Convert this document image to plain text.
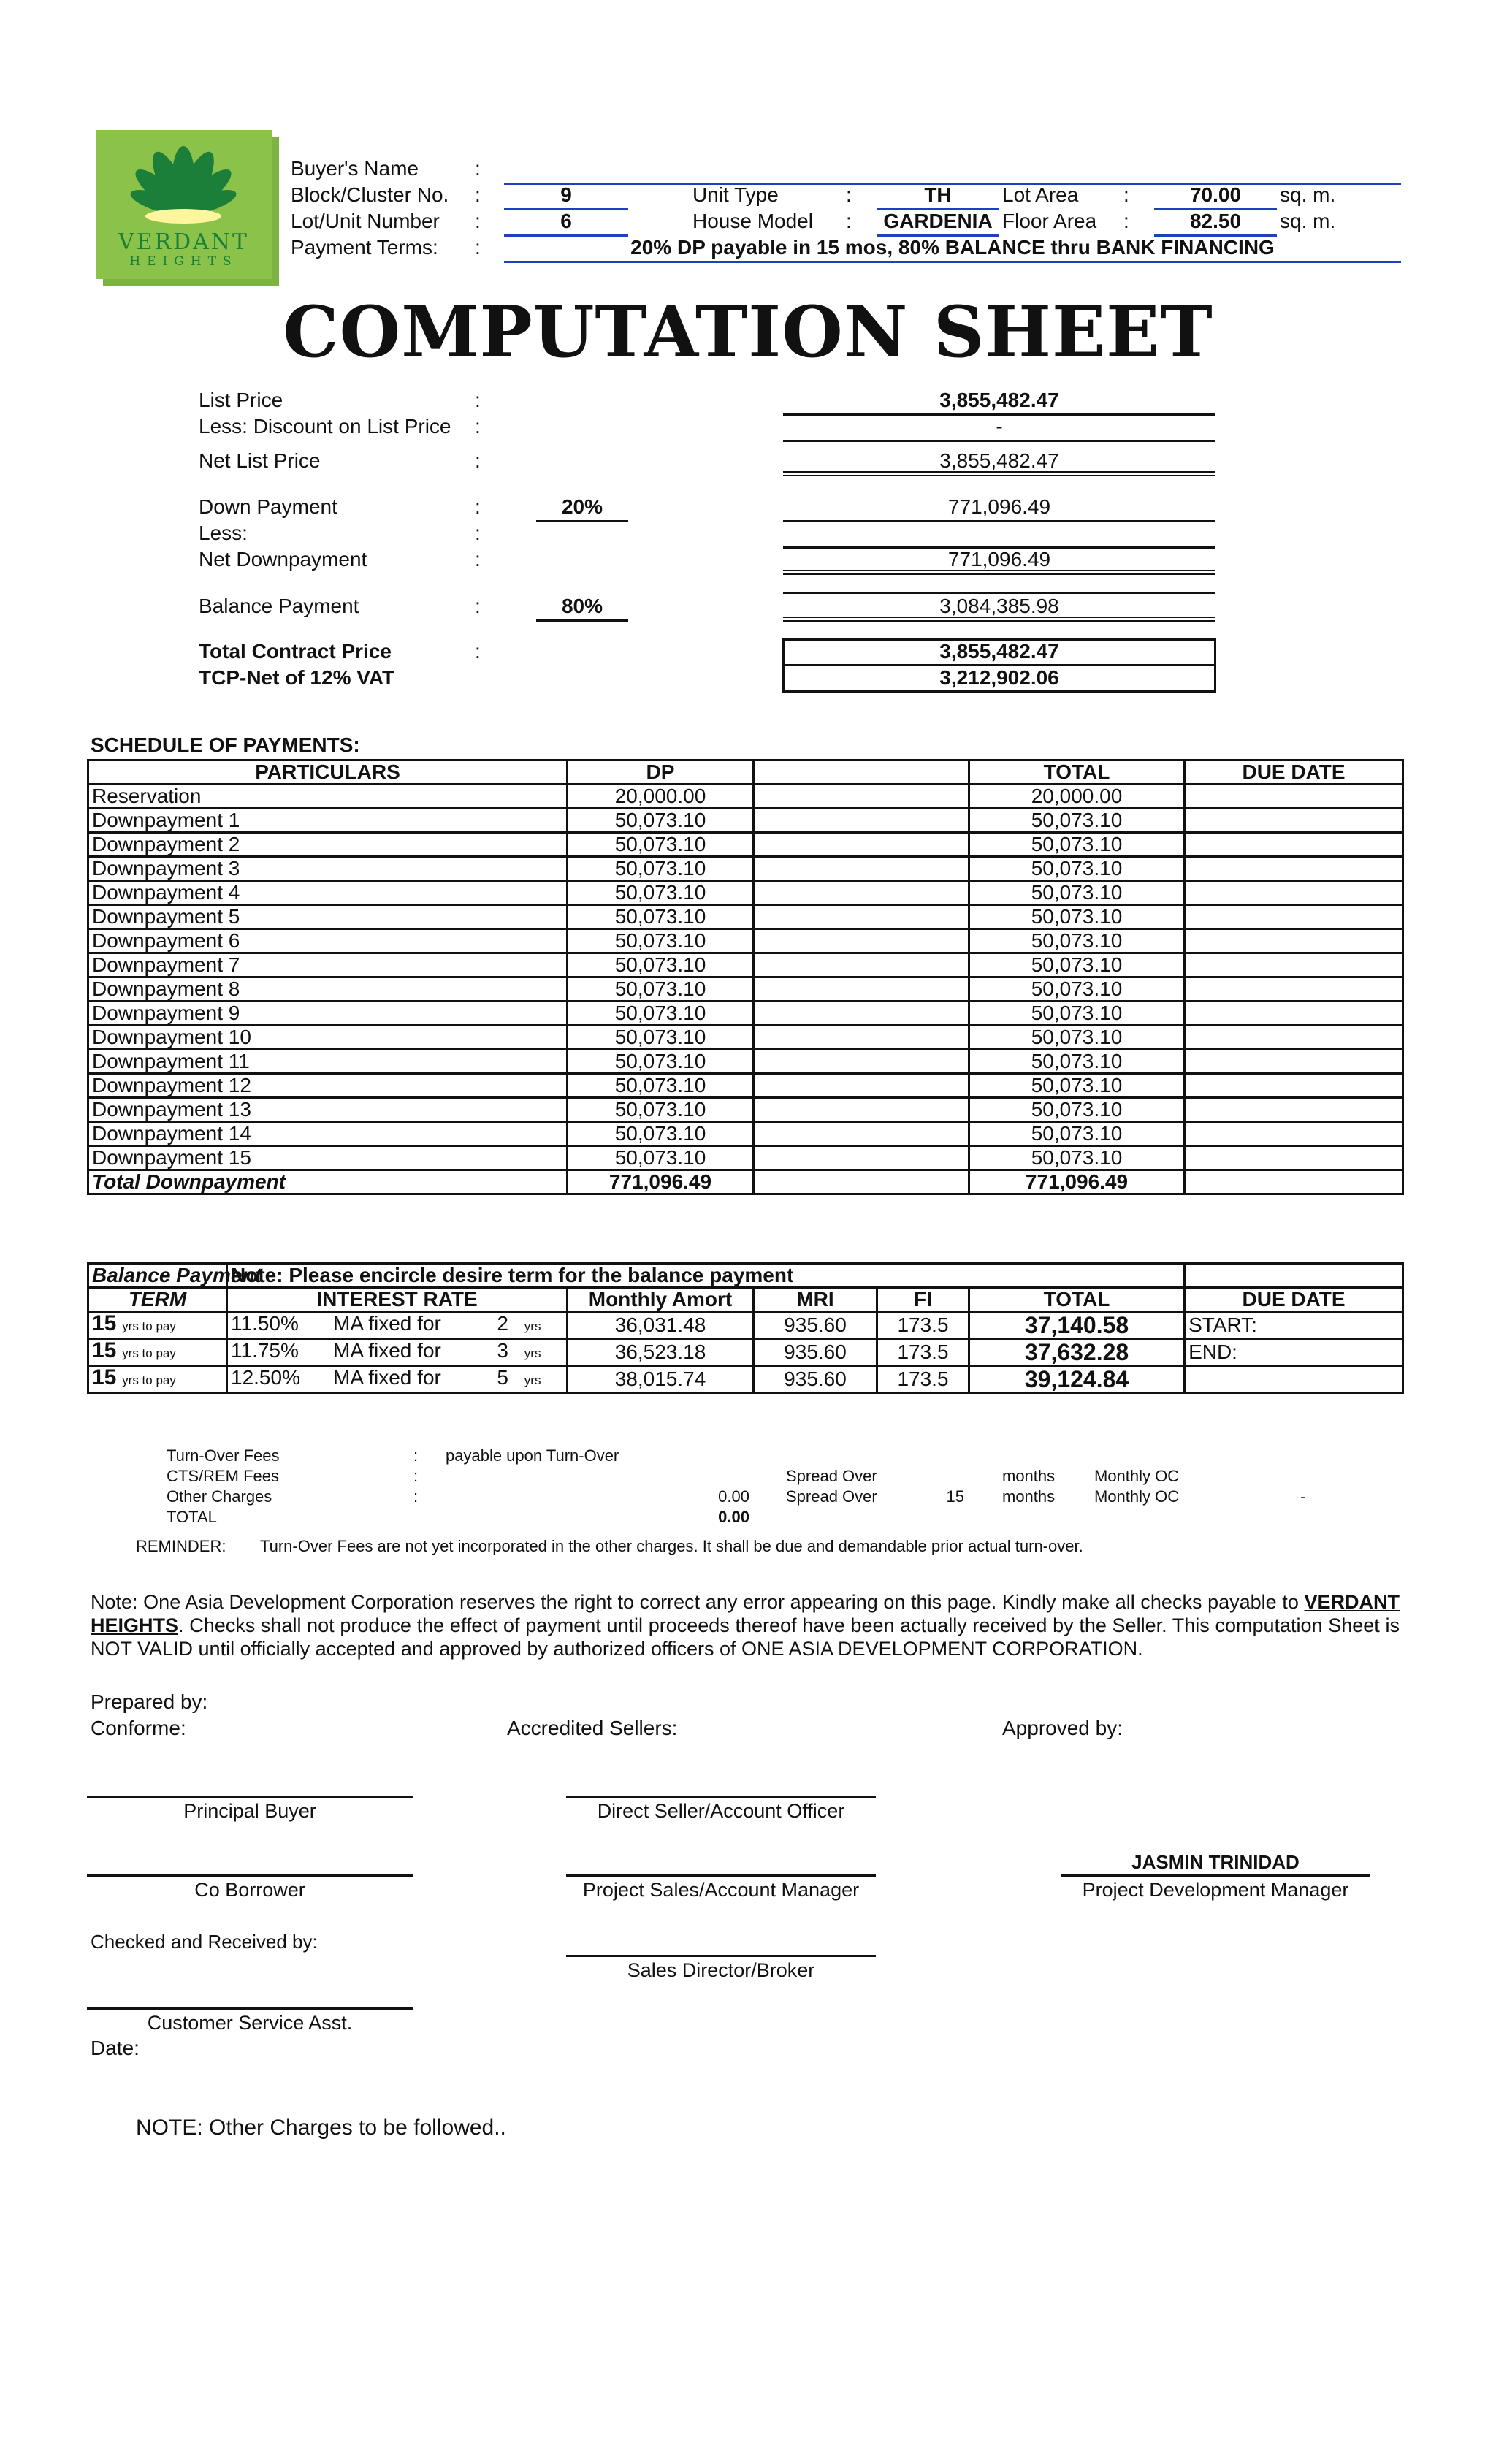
VERDANT
HEIGHTS
Buyer's Name	:
Block/Cluster No. :	9	Unit Type	:	TH	Lot Area :	70.00	sq. m.
Lot/Unit Number :	6	House Model :	GARDENIA Floor Area :	82.50	sq. m.
Payment Terms: :	20% DP payable in 15 mos, 80% BALANCE thru BANK FINANCING
COMPUTATION SHEET
List Price	:	3,855,482.47
Less: Discount on List Price :	-
Net List Price	:	3,855,482.47
Down Payment	:	20%	771,096.49
Less:	:
Net Downpayment	:	771,096.49
Balance Payment	:	80%	3,084,385.98
Total Contract Price	:	3,855,482.47
TCP-Net of 12% VAT	3,212,902.06
SCHEDULE OF PAYMENTS:
PARTICULARS	DP		TOTAL	DUE DATE
Reservation	20,000.00		20,000.00	
Downpayment 1	50,073.10		50,073.10	
Downpayment 2	50,073.10		50,073.10	
Downpayment 3	50,073.10		50,073.10	
Downpayment 4	50,073.10		50,073.10	
Downpayment 5	50,073.10		50,073.10	
Downpayment 6	50,073.10		50,073.10	
Downpayment 7	50,073.10		50,073.10	
Downpayment 8	50,073.10		50,073.10	
Downpayment 9	50,073.10		50,073.10	
Downpayment 10	50,073.10		50,073.10	
Downpayment 11	50,073.10		50,073.10	
Downpayment 12	50,073.10		50,073.10	
Downpayment 13	50,073.10		50,073.10	
Downpayment 14	50,073.10		50,073.10	
Downpayment 15	50,073.10		50,073.10	
Total Downpayment	771,096.49		771,096.49	
Balance Payment	Note: Please encircle desire term for the balance payment					
TERM	INTEREST RATE	Monthly Amort	MRI	FI	TOTAL	DUE DATE
15 yrs to pay	11.50% MA fixed for 2 yrs	36,031.48	935.60	173.5	37,140.58	START:
15 yrs to pay	11.75% MA fixed for 3 yrs	36,523.18	935.60	173.5	37,632.28	END:
15 yrs to pay	12.50% MA fixed for 5 yrs	38,015.74	935.60	173.5	39,124.84	
Turn-Over Fees	: payable upon Turn-Over
CTS/REM Fees	:	Spread Over	months Monthly OC
Other Charges	:	0.00 Spread Over	15 months Monthly OC	-
TOTAL	0.00
REMINDER: Turn-Over Fees are not yet incorporated in the other charges. It shall be due and demandable prior actual turn-over.
Note: One Asia Development Corporation reserves the right to correct any error appearing on this page. Kindly make all checks payable to VERDANT HEIGHTS. Checks shall not produce the effect of payment until proceeds thereof have been actually received by the Seller. This computation Sheet is NOT VALID until officially accepted and approved by authorized officers of ONE ASIA DEVELOPMENT CORPORATION.
Prepared by:
Conforme:	Accredited Sellers:	Approved by:
Principal Buyer	Direct Seller/Account Officer
JASMIN TRINIDAD
Project Development Manager
Co Borrower	Project Sales/Account Manager
Checked and Received by:
Sales Director/Broker
Customer Service Asst.
Date:
NOTE: Other Charges to be followed..
